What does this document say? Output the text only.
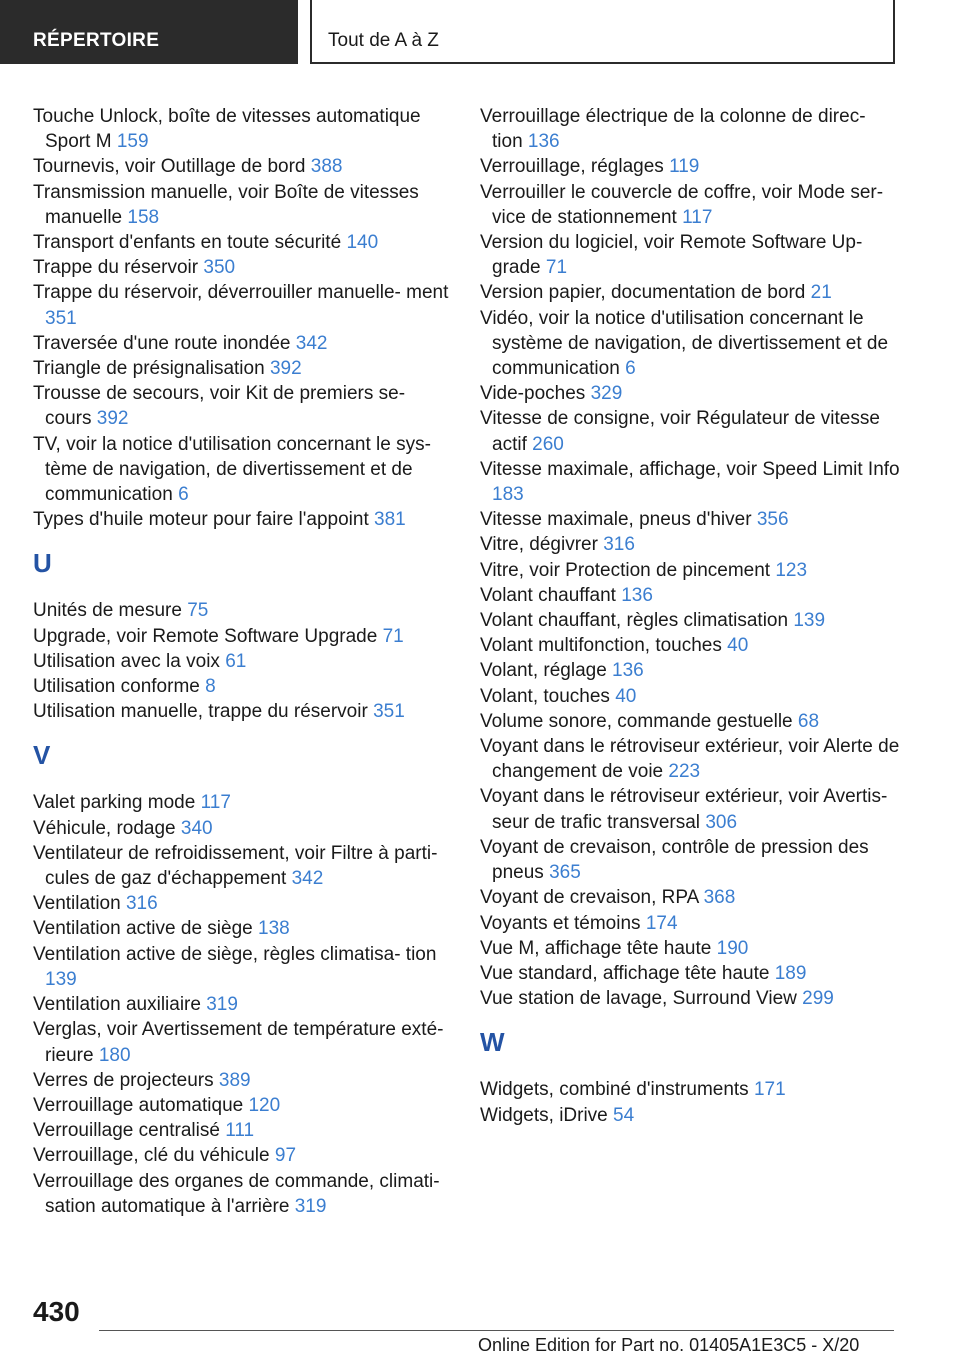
RÉPERTOIRE	Tout de A à Z

Touche Unlock, boîte de vitesses automatique Sport M 159

Tournevis, voir Outillage de bord 388

Transmission manuelle, voir Boîte de vitesses manuelle 158

Transport d'enfants en toute sécurité 140

Trappe du réservoir 350

Trappe du réservoir, déverrouiller manuelle‐ ment 351

Traversée d'une route inondée 342

Triangle de présignalisation 392

Trousse de secours, voir Kit de premiers se‐ cours 392

TV, voir la notice d'utilisation concernant le sys‐ tème de navigation, de divertissement et de communication 6

Types d'huile moteur pour faire l'appoint 381

U

Unités de mesure 75

Upgrade, voir Remote Software Upgrade 71

Utilisation avec la voix 61

Utilisation conforme 8

Utilisation manuelle, trappe du réservoir 351

V

Valet parking mode 117

Véhicule, rodage 340

Ventilateur de refroidissement, voir Filtre à parti‐ cules de gaz d'échappement 342

Ventilation 316

Ventilation active de siège 138

Ventilation active de siège, règles climatisa‐ tion 139

Ventilation auxiliaire 319

Verglas, voir Avertissement de température exté‐ rieure 180

Verres de projecteurs 389

Verrouillage automatique 120

Verrouillage centralisé 111

Verrouillage, clé du véhicule 97

Verrouillage des organes de commande, climati‐ sation automatique à l'arrière 319

Verrouillage électrique de la colonne de direc‐ tion 136

Verrouillage, réglages 119

Verrouiller le couvercle de coffre, voir Mode ser‐ vice de stationnement 117

Version du logiciel, voir Remote Software Up‐ grade 71

Version papier, documentation de bord 21

Vidéo, voir la notice d'utilisation concernant le système de navigation, de divertissement et de communication 6

Vide-poches 329

Vitesse de consigne, voir Régulateur de vitesse actif 260

Vitesse maximale, affichage, voir Speed Limit Info 183

Vitesse maximale, pneus d'hiver 356

Vitre, dégivrer 316

Vitre, voir Protection de pincement 123

Volant chauffant 136

Volant chauffant, règles climatisation 139

Volant multifonction, touches 40

Volant, réglage 136

Volant, touches 40

Volume sonore, commande gestuelle 68

Voyant dans le rétroviseur extérieur, voir Alerte de changement de voie 223

Voyant dans le rétroviseur extérieur, voir Avertis‐ seur de trafic transversal 306

Voyant de crevaison, contrôle de pression des pneus 365

Voyant de crevaison, RPA 368

Voyants et témoins 174

Vue M, affichage tête haute 190

Vue standard, affichage tête haute 189

Vue station de lavage, Surround View 299

W

Widgets, combiné d'instruments 171

Widgets, iDrive 54

430
Online Edition for Part no. 01405A1E3C5 - X/20
